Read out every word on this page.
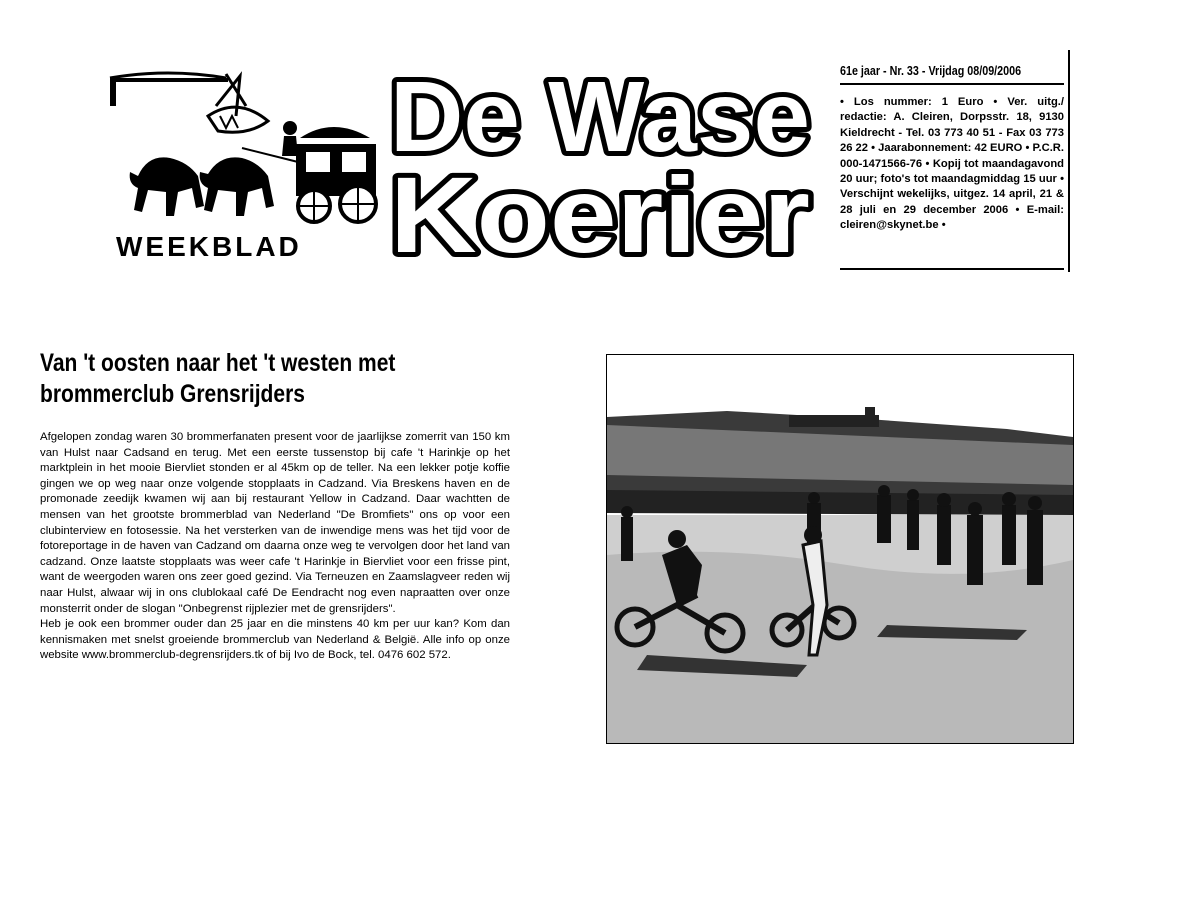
WEEKBLAD
De Wase
Koerier
61e jaar - Nr. 33 - Vrijdag 08/09/2006
• Los nummer: 1 Euro • Ver. uitg./ redactie: A. Cleiren, Dorpsstr. 18, 9130 Kieldrecht - Tel. 03 773 40 51 - Fax 03 773 26 22 • Jaarabonnement: 42 EURO • P.C.R. 000-1471566-76 • Kopij tot maandagavond 20 uur; foto's tot maandagmiddag 15 uur • Verschijnt wekelijks, uitgez. 14 april, 21 & 28 juli en 29 december 2006 • E-mail: cleiren@skynet.be •
Van 't oosten naar het 't westen met brommerclub Grensrijders
Afgelopen zondag waren 30 brommerfanaten present voor de jaarlijkse zomerrit van 150 km van Hulst naar Cadsand en terug. Met een eerste tussenstop bij cafe 't Harinkje op het marktplein in het mooie Biervliet stonden er al 45km op de teller. Na een lekker potje koffie gingen we op weg naar onze volgende stopplaats in Cadzand. Via Breskens haven en de promonade zeedijk kwamen wij aan bij restaurant Yellow in Cadzand. Daar wachtten de mensen van het grootste brommerblad van Nederland "De Bromfiets" ons op voor een clubinterview en fotosessie. Na het versterken van de inwendige mens was het tijd voor de fotoreportage in de haven van Cadzand om daarna onze weg te vervolgen door het land van cadzand. Onze laatste stopplaats was weer cafe 't Harinkje in Biervliet voor een frisse pint, want de weergoden waren ons zeer goed gezind. Via Terneuzen en Zaamslagveer reden wij naar Hulst, alwaar wij in ons clublokaal café De Eendracht nog even napraatten over onze monsterrit onder de slogan "Onbegrenst rijplezier met de grensrijders".
Heb je ook een brommer ouder dan 25 jaar en die minstens 40 km per uur kan? Kom dan kennismaken met snelst groeiende brommerclub van Nederland & België. Alle info op onze website www.brommerclub-degrensrijders.tk of bij Ivo de Bock, tel. 0476 602 572.
